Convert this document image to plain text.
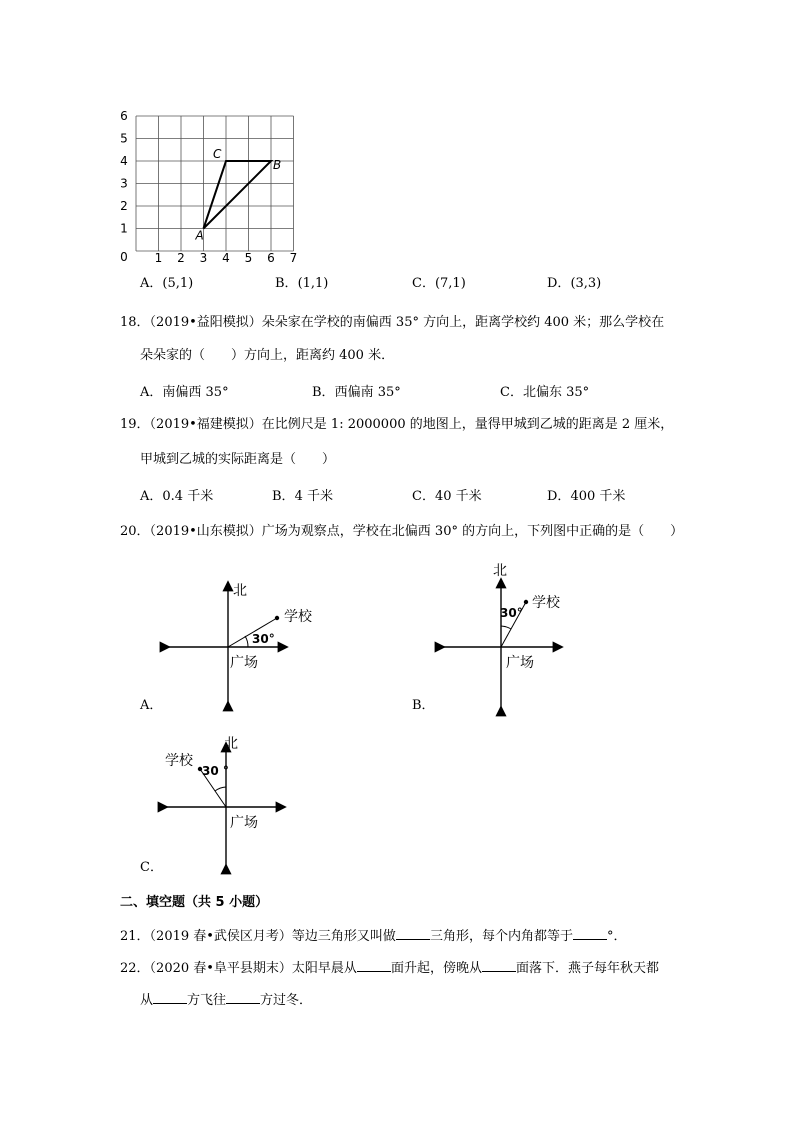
0
1
2
3
4
5
6
1 2 3 4 5 6 7
A
B
C
A．(5,1)	B．(1,1)	C．(7,1)	D．(3,3)
18．（2019•益阳模拟）朵朵家在学校的南偏西 35° 方向上，距离学校约 400 米；那么学校在
朵朵家的（　　）方向上，距离约 400 米．
A．南偏西 35°	B．西偏南 35°	C．北偏东 35°
19．（2019•福建模拟）在比例尺是 1: 2000000 的地图上，量得甲城到乙城的距离是 2 厘米，
甲城到乙城的实际距离是（　　）
A．0.4 千米	B．4 千米	C．40 千米	D．400 千米
20．（2019•山东模拟）广场为观察点，学校在北偏西 30° 的方向上，下列图中正确的是（　　）
北
学校
30°
广场
A．
北
学校
30°
广场
B．
北
学校
30 °
广场
C．
二、填空题（共 5 小题）
21．（2019 春•武侯区月考）等边三角形又叫做	三角形，每个内角都等于	°．
22．（2020 春•阜平县期末）太阳早晨从	面升起，傍晚从	面落下．燕子每年秋天都
从	方飞往	方过冬．
